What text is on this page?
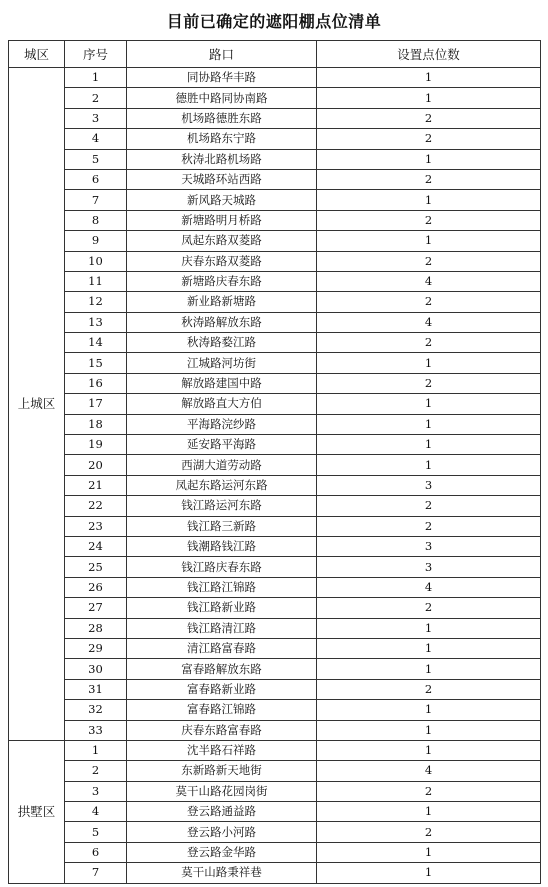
目前已确定的遮阳棚点位清单
城区	序号	路口	设置点位数
上城区	1	同协路华丰路	1
	2	德胜中路同协南路	1
	3	机场路德胜东路	2
	4	机场路东宁路	2
	5	秋涛北路机场路	1
	6	天城路环站西路	2
	7	新风路天城路	1
	8	新塘路明月桥路	2
	9	凤起东路双菱路	1
	10	庆春东路双菱路	2
	11	新塘路庆春东路	4
	12	新业路新塘路	2
	13	秋涛路解放东路	4
	14	秋涛路婺江路	2
	15	江城路河坊街	1
	16	解放路建国中路	2
	17	解放路直大方伯	1
	18	平海路浣纱路	1
	19	延安路平海路	1
	20	西湖大道劳动路	1
	21	凤起东路运河东路	3
	22	钱江路运河东路	2
	23	钱江路三新路	2
	24	钱潮路钱江路	3
	25	钱江路庆春东路	3
	26	钱江路江锦路	4
	27	钱江路新业路	2
	28	钱江路清江路	1
	29	清江路富春路	1
	30	富春路解放东路	1
	31	富春路新业路	2
	32	富春路江锦路	1
	33	庆春东路富春路	1
拱墅区	1	沈半路石祥路	1
	2	东新路新天地街	4
	3	莫干山路花园岗街	2
	4	登云路通益路	1
	5	登云路小河路	2
	6	登云路金华路	1
	7	莫干山路秉祥巷	1
